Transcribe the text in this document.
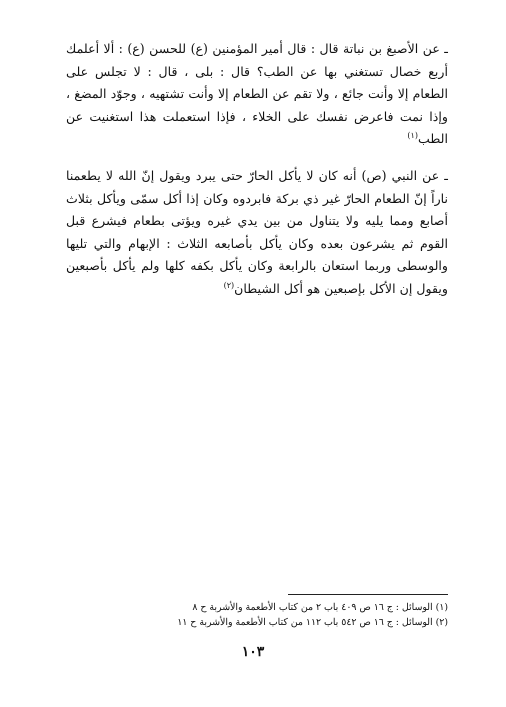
ـ عن الأصبغ بن نباتة قال : قال أمير المؤمنين (ع) للحسن (ع) : ألا أعلمك أربع خصال تستغني بها عن الطب؟ قال : بلى ، قال : لا تجلس على الطعام إلا وأنت جائع ، ولا تقم عن الطعام إلا وأنت تشتهيه ، وجوّد المضغ ، وإذا نمت فاعرض نفسك على الخلاء ، فإذا استعملت هذا استغنيت عن الطب$^{(١)}$

ـ عن النبي (ص) أنه كان لا يأكل الحارّ حتى يبرد ويقول إنّ الله لا يطعمنا ناراً إنّ الطعام الحارّ غير ذي بركة فابردوه وكان إذا أكل سمّى ويأكل بثلاث أصابع ومما يليه ولا يتناول من بين يدي غيره ويؤتى بطعام فيشرع قبل القوم ثم يشرعون بعده وكان يأكل بأصابعه الثلاث : الإبهام والتي تليها والوسطى وربما استعان بالرابعة وكان يأكل بكفه كلها ولم يأكل بأصبعين ويقول إن الأكل بإصبعين هو أكل الشيطان$^{(٢)}$

(١) الوسائل : ج ١٦ ص ٤٠٩ باب ٢ من كتاب الأطعمة والأشربة ح ٨
(٢) الوسائل : ج ١٦ ص ٥٤٢ باب ١١٢ من كتاب الأطعمة والأشربة ح ١١
١٠٣
